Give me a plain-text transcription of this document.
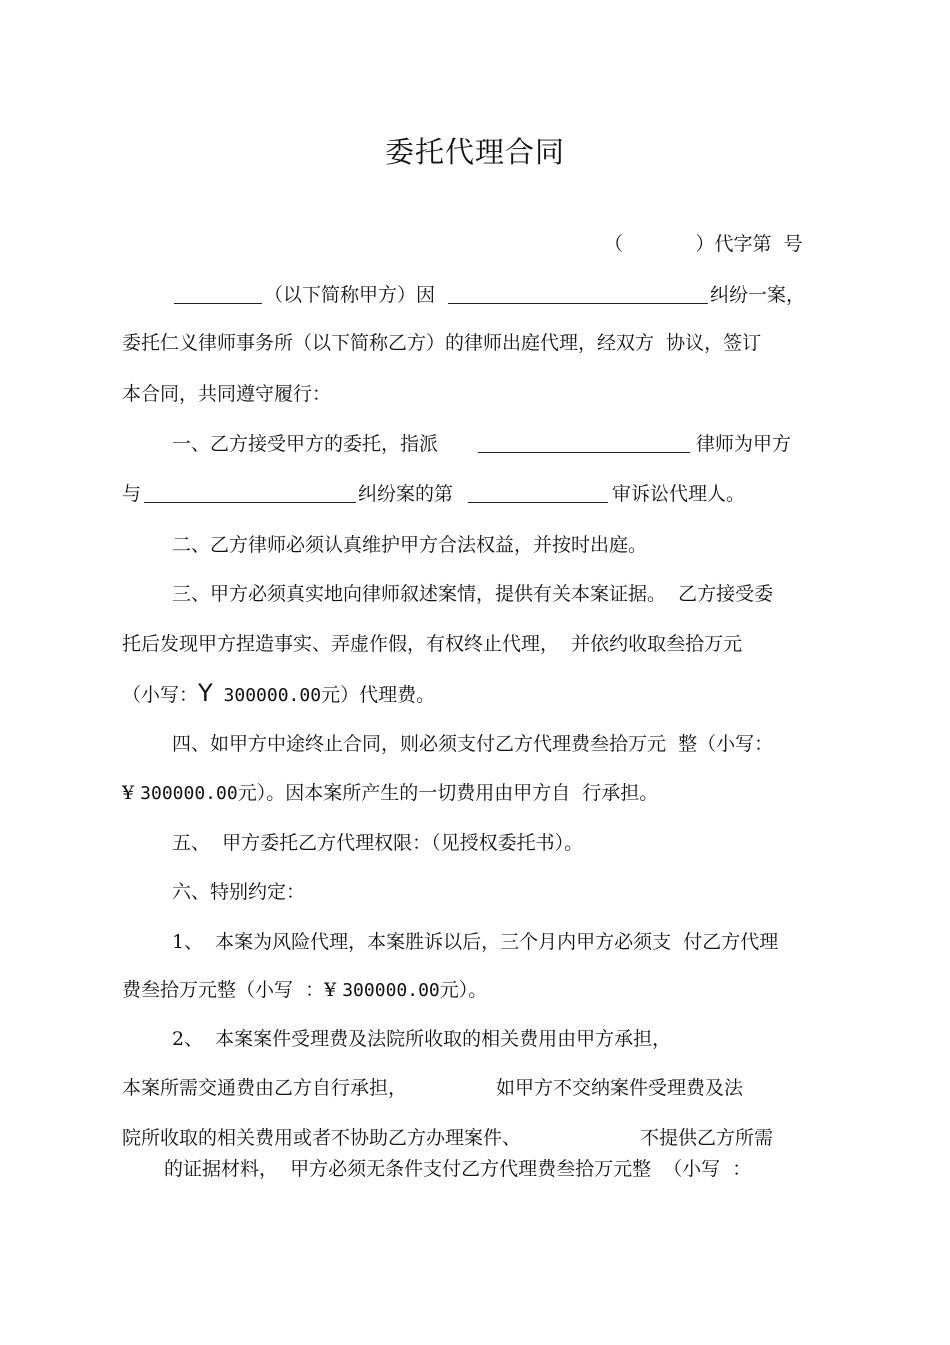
委托代理合同
（            ）代字第  号
（以下简称甲方）因	纠纷一案，
委托仁义律师事务所（以下简称乙方）的律师出庭代理，经双方  协议，签订
本合同，共同遵守履行：
一、乙方接受甲方的委托，指派	律师为甲方
与	纠纷案的第	审诉讼代理人。
二、乙方律师必须认真维护甲方合法权益，并按时出庭。
三、甲方必须真实地向律师叙述案情，提供有关本案证据。  乙方接受委
托后发现甲方捏造事实、弄虚作假，有权终止代理，  并依约收取叁拾万元
（小写：Y 300000.00元）代理费。
四、如甲方中途终止合同，则必须支付乙方代理费叁拾万元  整（小写：
¥ 300000.00元）。因本案所产生的一切费用由甲方自  行承担。
五、  甲方委托乙方代理权限：（见授权委托书）。
六、特别约定：
1、  本案为风险代理，本案胜诉以后，三个月内甲方必须支  付乙方代理
费叁拾万元整（小写  ：¥ 300000.00元）。
2、  本案案件受理费及法院所收取的相关费用由甲方承担，
本案所需交通费由乙方自行承担，	如甲方不交纳案件受理费及法
院所收取的相关费用或者不协助乙方办理案件、	不提供乙方所需
的证据材料，  甲方必须无条件支付乙方代理费叁拾万元整  （小写  ：
